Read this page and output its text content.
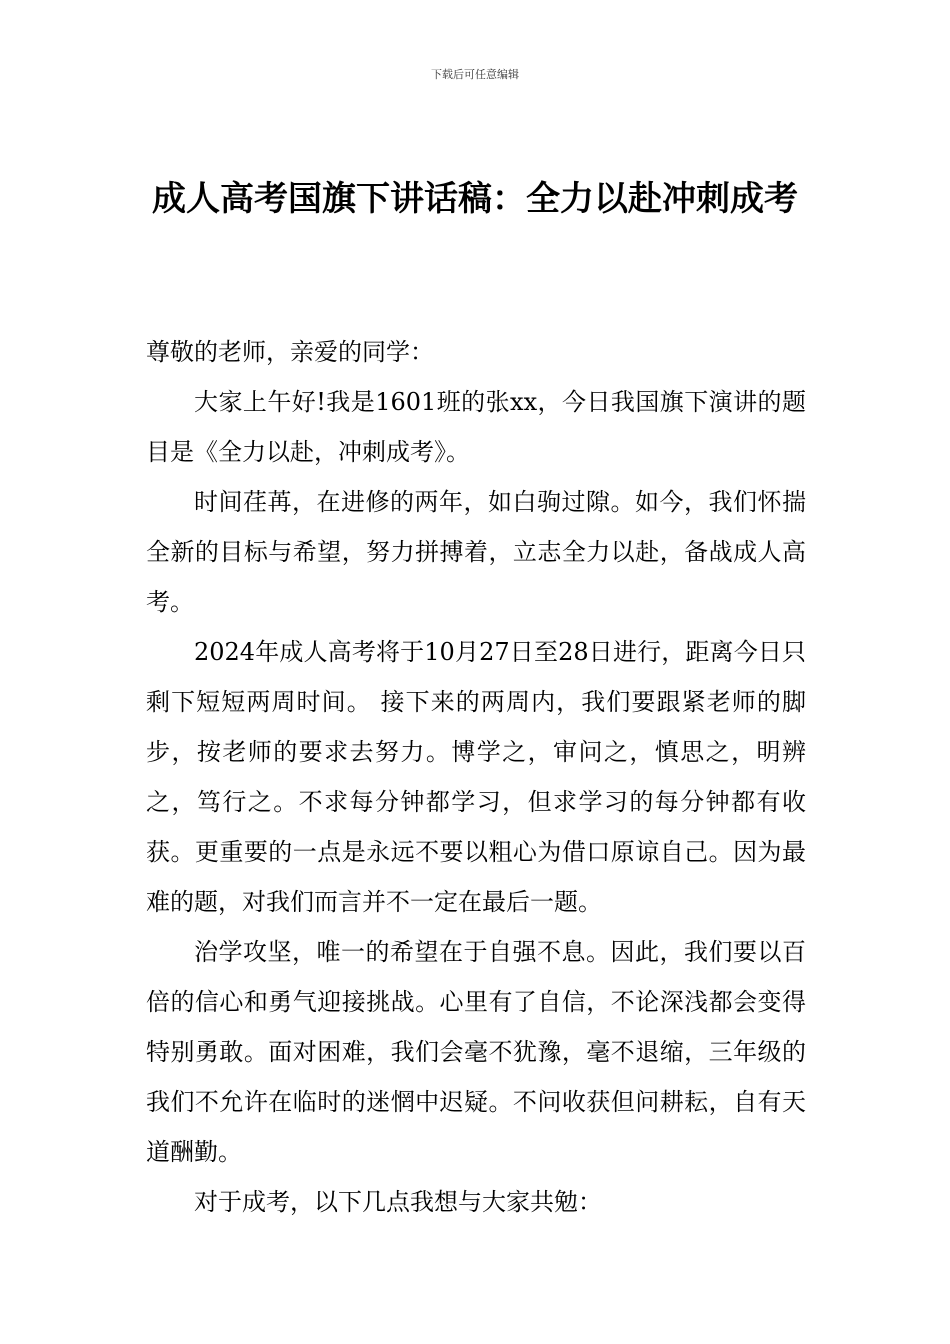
下载后可任意编辑
成人高考国旗下讲话稿：全力以赴冲刺成考

尊敬的老师，亲爱的同学：

大家上午好!我是1601班的张xx，今日我国旗下演讲的题目是《全力以赴，冲刺成考》。

时间荏苒，在进修的两年，如白驹过隙。如今，我们怀揣全新的目标与希望，努力拼搏着，立志全力以赴，备战成人高考。

2024年成人高考将于10月27日至28日进行，距离今日只剩下短短两周时间。 接下来的两周内，我们要跟紧老师的脚步，按老师的要求去努力。博学之，审问之，慎思之，明辨之，笃行之。不求每分钟都学习，但求学习的每分钟都有收获。更重要的一点是永远不要以粗心为借口原谅自己。因为最难的题，对我们而言并不一定在最后一题。

治学攻坚，唯一的希望在于自强不息。因此，我们要以百倍的信心和勇气迎接挑战。心里有了自信，不论深浅都会变得特别勇敢。面对困难，我们会毫不犹豫，毫不退缩，三年级的我们不允许在临时的迷惘中迟疑。不问收获但问耕耘，自有天道酬勤。

对于成考，以下几点我想与大家共勉：
